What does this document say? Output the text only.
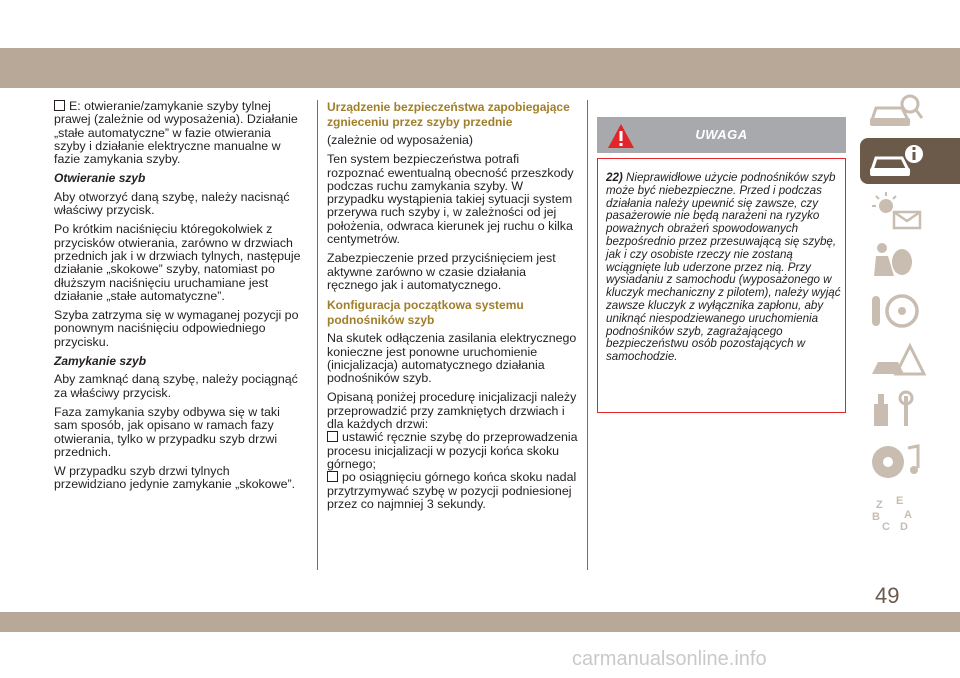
E: otwieranie/zamykanie szyby tylnej
prawej (zależnie od wyposażenia). Działanie „stałe automatyczne” w fazie otwierania szyby i działanie elektryczne manualne w fazie zamykania szyby.

Otwieranie szyb

Aby otworzyć daną szybę, należy nacisnąć właściwy przycisk.

Po krótkim naciśnięciu któregokolwiek z przycisków otwierania, zarówno w drzwiach przednich jak i w drzwiach tylnych, następuje działanie „skokowe” szyby, natomiast po dłuższym naciśnięciu uruchamiane jest działanie „stałe automatyczne”.

Szyba zatrzyma się w wymaganej pozycji po ponownym naciśnięciu odpowiedniego przycisku.

Zamykanie szyb

Aby zamknąć daną szybę, należy pociągnąć za właściwy przycisk.

Faza zamykania szyby odbywa się w taki sam sposób, jak opisano w ramach fazy otwierania, tylko w przypadku szyb drzwi przednich.

W przypadku szyb drzwi tylnych przewidziano jedynie zamykanie „skokowe”.

Urządzenie bezpieczeństwa zapobiegające zgnieceniu przez szyby przednie

(zależnie od wyposażenia)

Ten system bezpieczeństwa potrafi rozpoznać ewentualną obecność przeszkody podczas ruchu zamykania szyby. W przypadku wystąpienia takiej sytuacji system przerywa ruch szyby i, w zależności od jej położenia, odwraca kierunek jej ruchu o kilka centymetrów.

Zabezpieczenie przed przyciśnięciem jest aktywne zarówno w czasie działania ręcznego jak i automatycznego.

Konfiguracja początkowa systemu podnośników szyb

Na skutek odłączenia zasilania elektrycznego konieczne jest ponowne uruchomienie (inicjalizacja) automatycznego działania podnośników szyb.

Opisaną poniżej procedurę inicjalizacji należy przeprowadzić przy zamkniętych drzwiach i dla każdych drzwi:

ustawić ręcznie szybę do przeprowadzenia procesu inicjalizacji w pozycji końca skoku górnego;

po osiągnięciu górnego końca skoku nadal przytrzymywać szybę w pozycji podniesionej przez co najmniej 3 sekundy.

UWAGA
22) Nieprawidłowe użycie podnośników szyb może być niebezpieczne. Przed i podczas działania należy upewnić się zawsze, czy pasażerowie nie będą narażeni na ryzyko poważnych obrażeń spowodowanych bezpośrednio przez przesuwającą się szybę, jak i czy osobiste rzeczy nie zostaną wciągnięte lub uderzone przez nią. Przy wysiadaniu z samochodu (wyposażonego w kluczyk mechaniczny z pilotem), należy wyjąć zawsze kluczyk z wyłącznika zapłonu, aby uniknąć niespodziewanego uruchomienia podnośników szyb, zagrażającego bezpieczeństwu osób pozostających w samochodzie.
Z E
B A
C D
49
carmanualsonline.info
